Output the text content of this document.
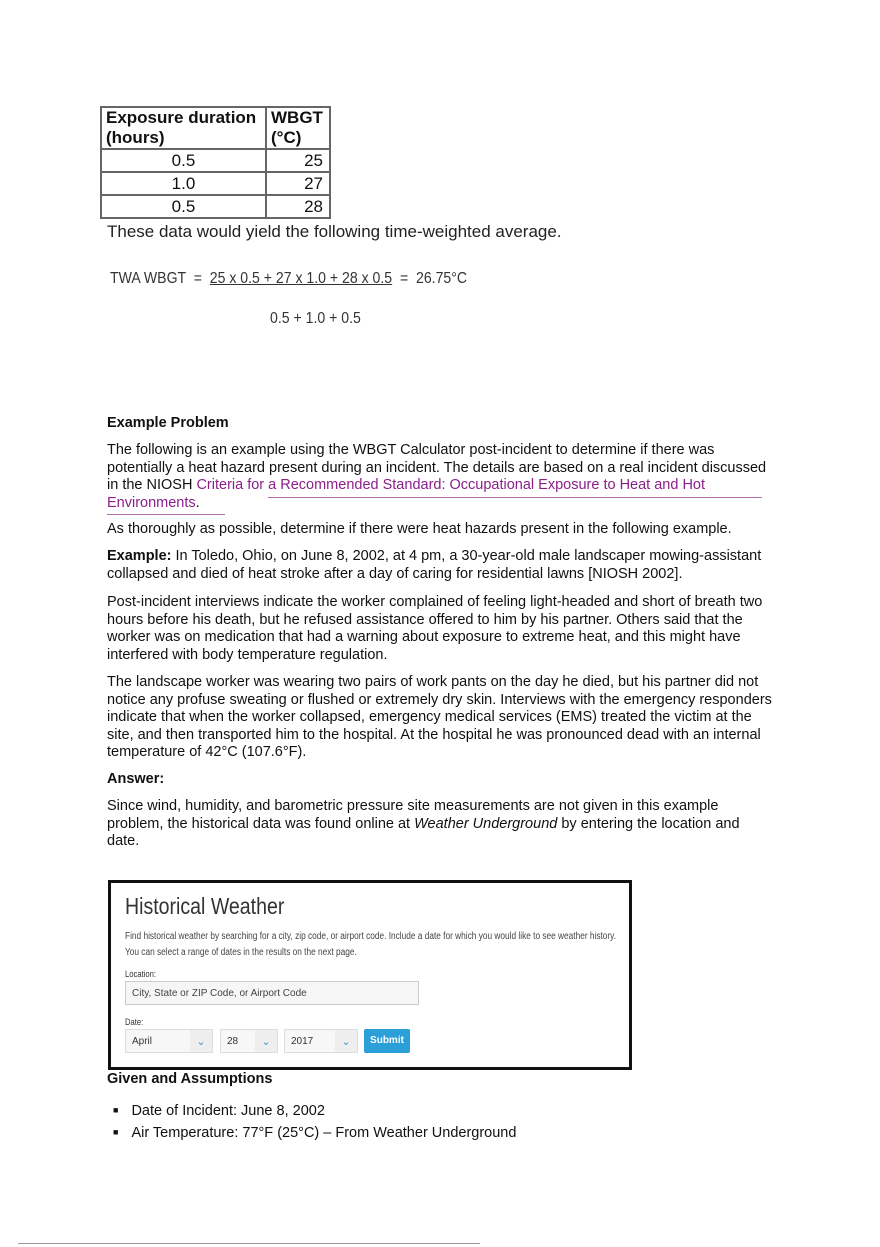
Exposure duration (hours)	WBGT (°C)
0.5	25
1.0	27
0.5	28
These data would yield the following time-weighted average.
TWA WBGT  = 25 x 0.5 + 27 x 1.0 + 28 x 0.5 =  26.75°C
0.5 + 1.0 + 0.5
Example Problem
The following is an example using the WBGT Calculator post-incident to determine if there was potentially a heat hazard present during an incident. The details are based on a real incident discussed in the NIOSH Criteria for a Recommended Standard: Occupational Exposure to Heat and Hot Environments.
As thoroughly as possible, determine if there were heat hazards present in the following example.
Example: In Toledo, Ohio, on June 8, 2002, at 4 pm, a 30-year-old male landscaper mowing-assistant collapsed and died of heat stroke after a day of caring for residential lawns [NIOSH 2002].
Post-incident interviews indicate the worker complained of feeling light-headed and short of breath two hours before his death, but he refused assistance offered to him by his partner. Others said that the worker was on medication that had a warning about exposure to extreme heat, and this might have interfered with body temperature regulation.
The landscape worker was wearing two pairs of work pants on the day he died, but his partner did not notice any profuse sweating or flushed or extremely dry skin. Interviews with the emergency responders indicate that when the worker collapsed, emergency medical services (EMS) treated the victim at the site, and then transported him to the hospital. At the hospital he was pronounced dead with an internal temperature of 42°C (107.6°F).
Answer:
Since wind, humidity, and barometric pressure site measurements are not given in this example problem, the historical data was found online at Weather Underground by entering the location and date.
Historical Weather
Find historical weather by searching for a city, zip code, or airport code. Include a date for which you would like to see weather history.
You can select a range of dates in the results on the next page.
Location:
City, State or ZIP Code, or Airport Code
Date:
April	⌄	28	⌄	2017	⌄	Submit
Given and Assumptions
■ Date of Incident: June 8, 2002
■ Air Temperature: 77°F (25°C) – From Weather Underground
